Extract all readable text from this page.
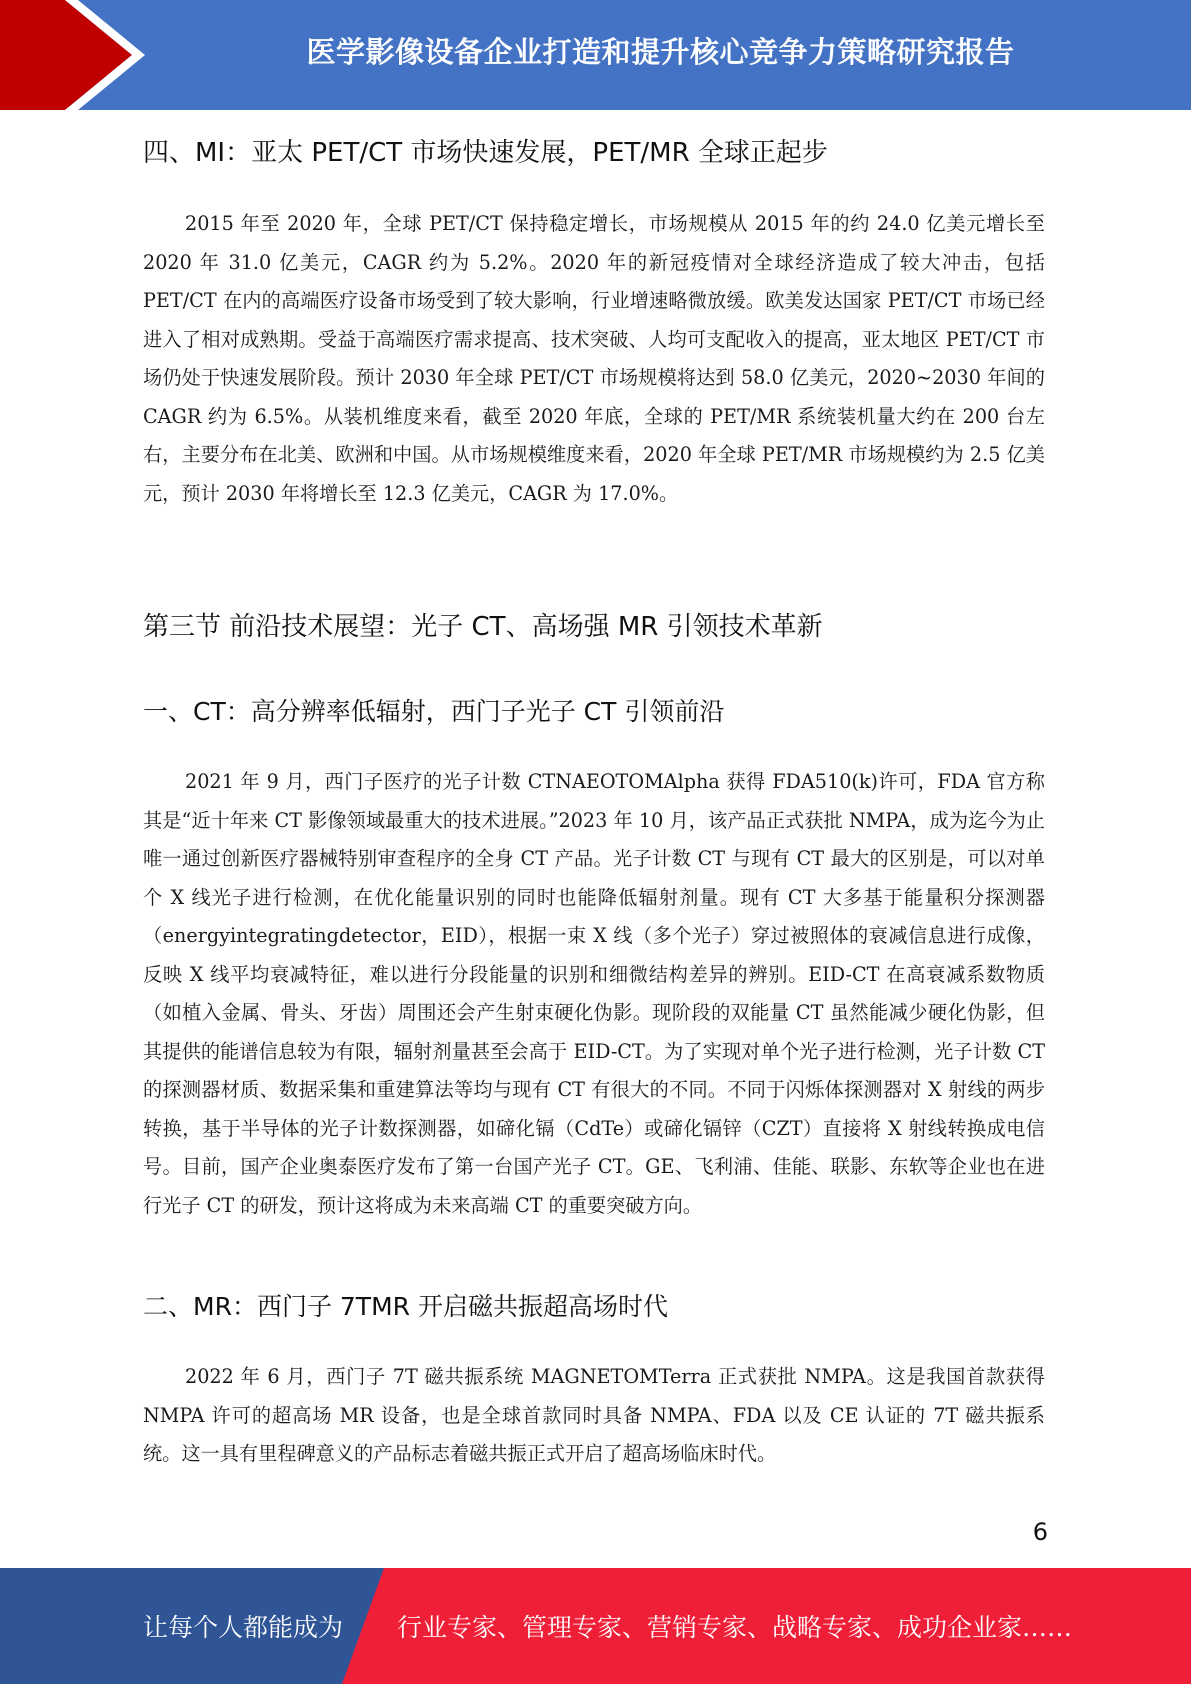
医学影像设备企业打造和提升核心竞争力策略研究报告
四、MI：亚太 PET/CT 市场快速发展，PET/MR 全球正起步

2015 年至 2020 年，全球 PET/CT 保持稳定增长，市场规模从 2015 年的约 24.0 亿美元增长至 2020 年 31.0 亿美元，CAGR 约为 5.2%。2020 年的新冠疫情对全球经济造成了较大冲击，包括 PET/CT 在内的高端医疗设备市场受到了较大影响，行业增速略微放缓。欧美发达国家 PET/CT 市场已经进入了相对成熟期。受益于高端医疗需求提高、技术突破、人均可支配收入的提高，亚太地区 PET/CT 市场仍处于快速发展阶段。预计 2030 年全球 PET/CT 市场规模将达到 58.0 亿美元，2020~2030 年间的 CAGR 约为 6.5%。从装机维度来看，截至 2020 年底，全球的 PET/MR 系统装机量大约在 200 台左右，主要分布在北美、欧洲和中国。从市场规模维度来看，2020 年全球 PET/MR 市场规模约为 2.5 亿美元，预计 2030 年将增长至 12.3 亿美元，CAGR 为 17.0%。

第三节 前沿技术展望：光子 CT、高场强 MR 引领技术革新
一、CT：高分辨率低辐射，西门子光子 CT 引领前沿

2021 年 9 月，西门子医疗的光子计数 CTNAEOTOMAlpha 获得 FDA510(k)许可，FDA 官方称其是“近十年来 CT 影像领域最重大的技术进展。”2023 年 10 月，该产品正式获批 NMPA，成为迄今为止唯一通过创新医疗器械特别审查程序的全身 CT 产品。光子计数 CT 与现有 CT 最大的区别是，可以对单个 X 线光子进行检测，在优化能量识别的同时也能降低辐射剂量。现有 CT 大多基于能量积分探测器（energyintegratingdetector，EID），根据一束 X 线（多个光子）穿过被照体的衰减信息进行成像，反映 X 线平均衰减特征，难以进行分段能量的识别和细微结构差异的辨别。EID-CT 在高衰减系数物质（如植入金属、骨头、牙齿）周围还会产生射束硬化伪影。现阶段的双能量 CT 虽然能减少硬化伪影，但其提供的能谱信息较为有限，辐射剂量甚至会高于 EID-CT。为了实现对单个光子进行检测，光子计数 CT 的探测器材质、数据采集和重建算法等均与现有 CT 有很大的不同。不同于闪烁体探测器对 X 射线的两步转换，基于半导体的光子计数探测器，如碲化镉（CdTe）或碲化镉锌（CZT）直接将 X 射线转换成电信号。目前，国产企业奥泰医疗发布了第一台国产光子 CT。GE、飞利浦、佳能、联影、东软等企业也在进行光子 CT 的研发，预计这将成为未来高端 CT 的重要突破方向。

二、MR：西门子 7TMR 开启磁共振超高场时代

2022 年 6 月，西门子 7T 磁共振系统 MAGNETOMTerra 正式获批 NMPA。这是我国首款获得 NMPA 许可的超高场 MR 设备，也是全球首款同时具备 NMPA、FDA 以及 CE 认证的 7T 磁共振系统。这一具有里程碑意义的产品标志着磁共振正式开启了超高场临床时代。

6
让每个人都能成为 行业专家、管理专家、营销专家、战略专家、成功企业家……
